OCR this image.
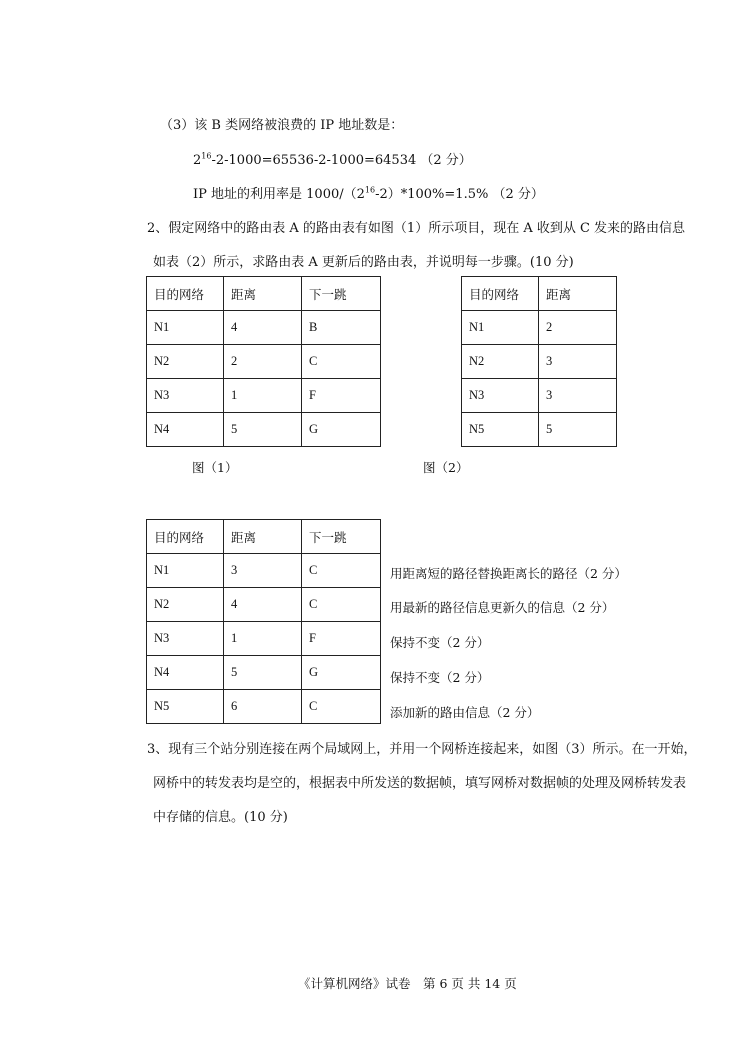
（3）该 B 类网络被浪费的 IP 地址数是：
$2^{16}-2-1000=65536-2-1000=64534$ （2 分）
IP 地址的利用率是 $1000/(2^{16}-2)*100\%=1.5\%$ （2 分）
2、假定网络中的路由表 A 的路由表有如图（1）所示项目，现在 A 收到从 C 发来的路由信息
如表（2）所示，求路由表 A 更新后的路由表，并说明每一步骤。(10 分)
目的网络	距离	下一跳
N1	4	B
N2	2	C
N3	1	F
N4	5	G
图（1）
目的网络	距离
N1	2
N2	3
N3	3
N5	5
图（2）
目的网络	距离	下一跳
N1	3	C
N2	4	C
N3	1	F
N4	5	G
N5	6	C
用距离短的路径替换距离长的路径（2 分）
用最新的路径信息更新久的信息（2 分）
保持不变（2 分）
保持不变（2 分）
添加新的路由信息（2 分）
3、现有三个站分别连接在两个局域网上，并用一个网桥连接起来，如图（3）所示。在一开始，
网桥中的转发表均是空的，根据表中所发送的数据帧，填写网桥对数据帧的处理及网桥转发表
中存储的信息。(10 分)
《计算机网络》试卷　第 6 页 共 14 页
